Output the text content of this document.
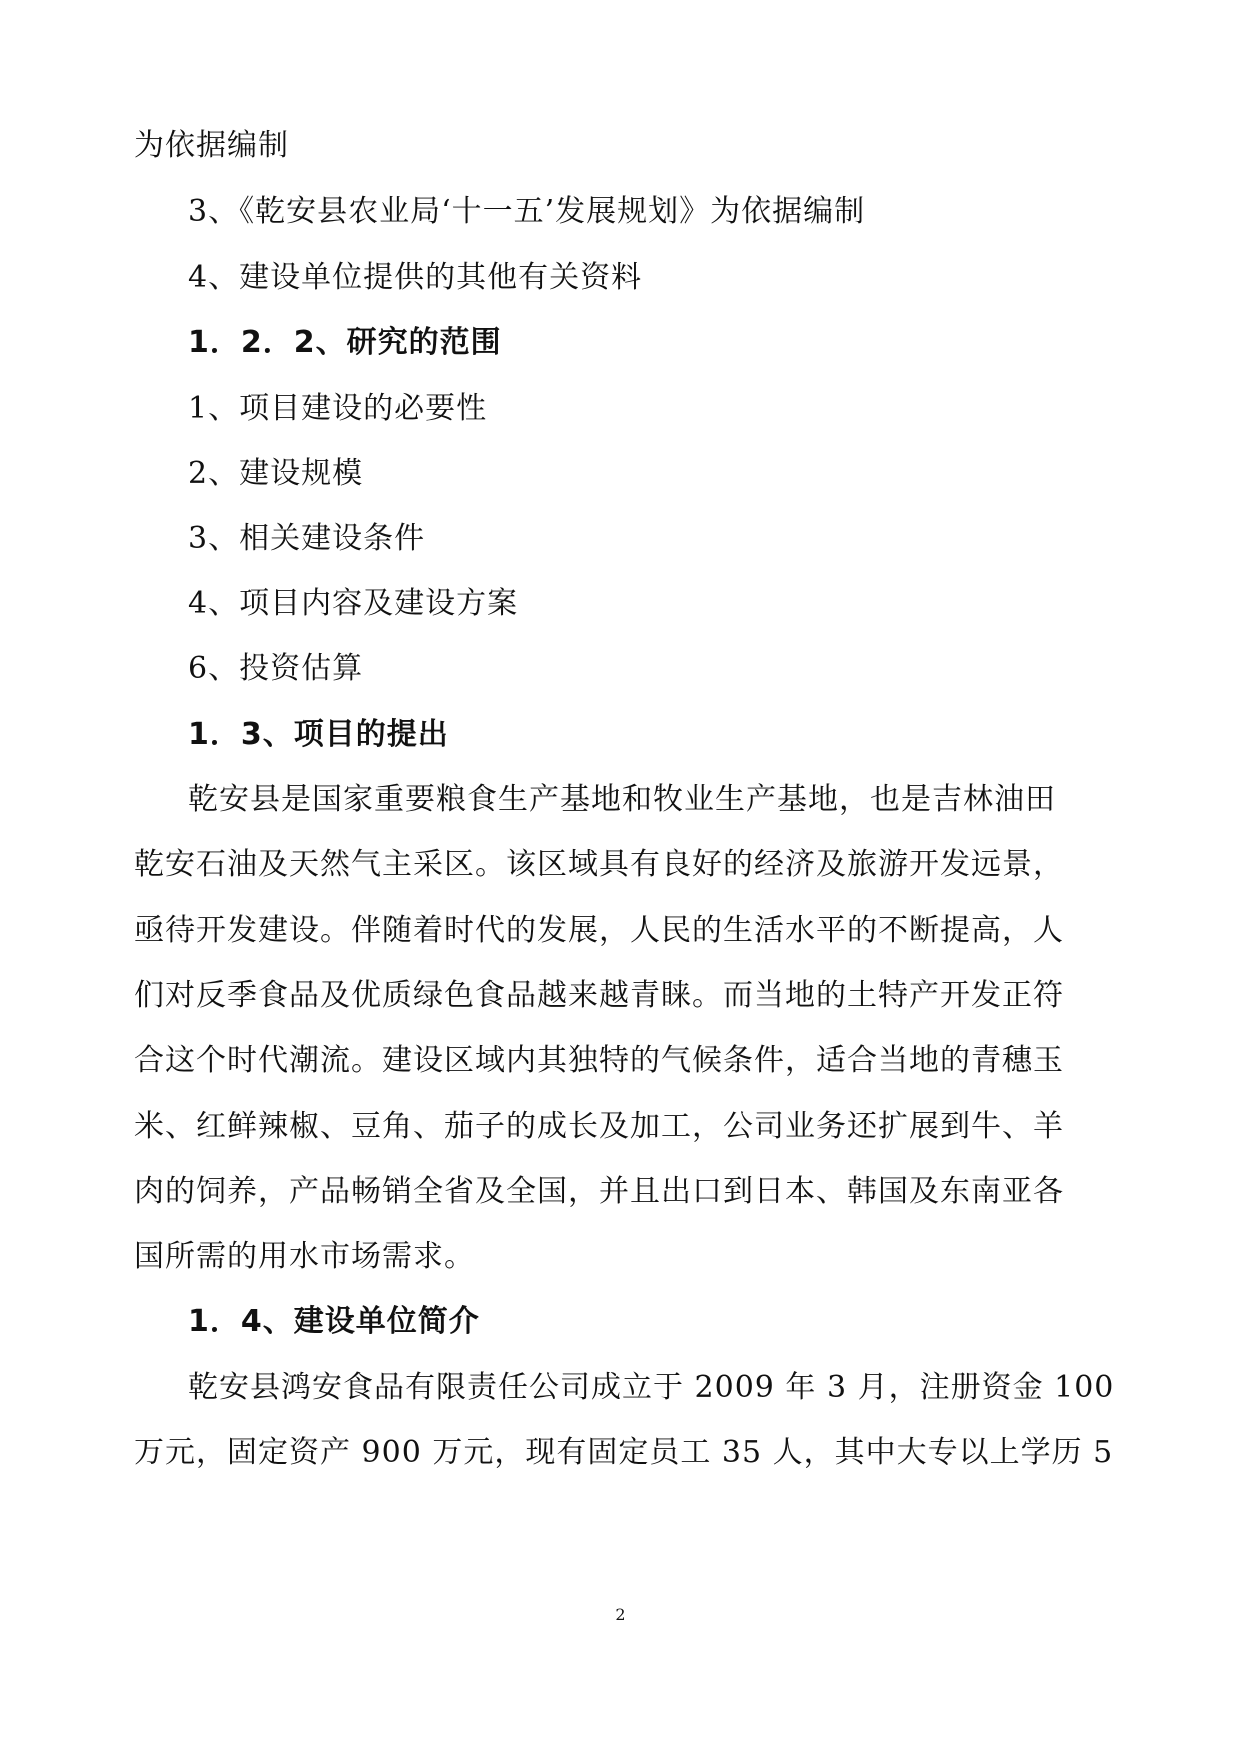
为依据编制
3、《乾安县农业局‘十一五’发展规划》为依据编制
4、建设单位提供的其他有关资料
1．2．2、研究的范围
1、项目建设的必要性
2、建设规模
3、相关建设条件
4、项目内容及建设方案
6、投资估算
1．3、项目的提出
乾安县是国家重要粮食生产基地和牧业生产基地，也是吉林油田
乾安石油及天然气主采区。该区域具有良好的经济及旅游开发远景，
亟待开发建设。伴随着时代的发展，人民的生活水平的不断提高，人
们对反季食品及优质绿色食品越来越青睐。而当地的土特产开发正符
合这个时代潮流。建设区域内其独特的气候条件，适合当地的青穗玉
米、红鲜辣椒、豆角、茄子的成长及加工，公司业务还扩展到牛、羊
肉的饲养，产品畅销全省及全国，并且出口到日本、韩国及东南亚各
国所需的用水市场需求。
1．4、建设单位简介
乾安县鸿安食品有限责任公司成立于 2009 年 3 月，注册资金 100
万元，固定资产 900 万元，现有固定员工 35 人，其中大专以上学历 5
2
